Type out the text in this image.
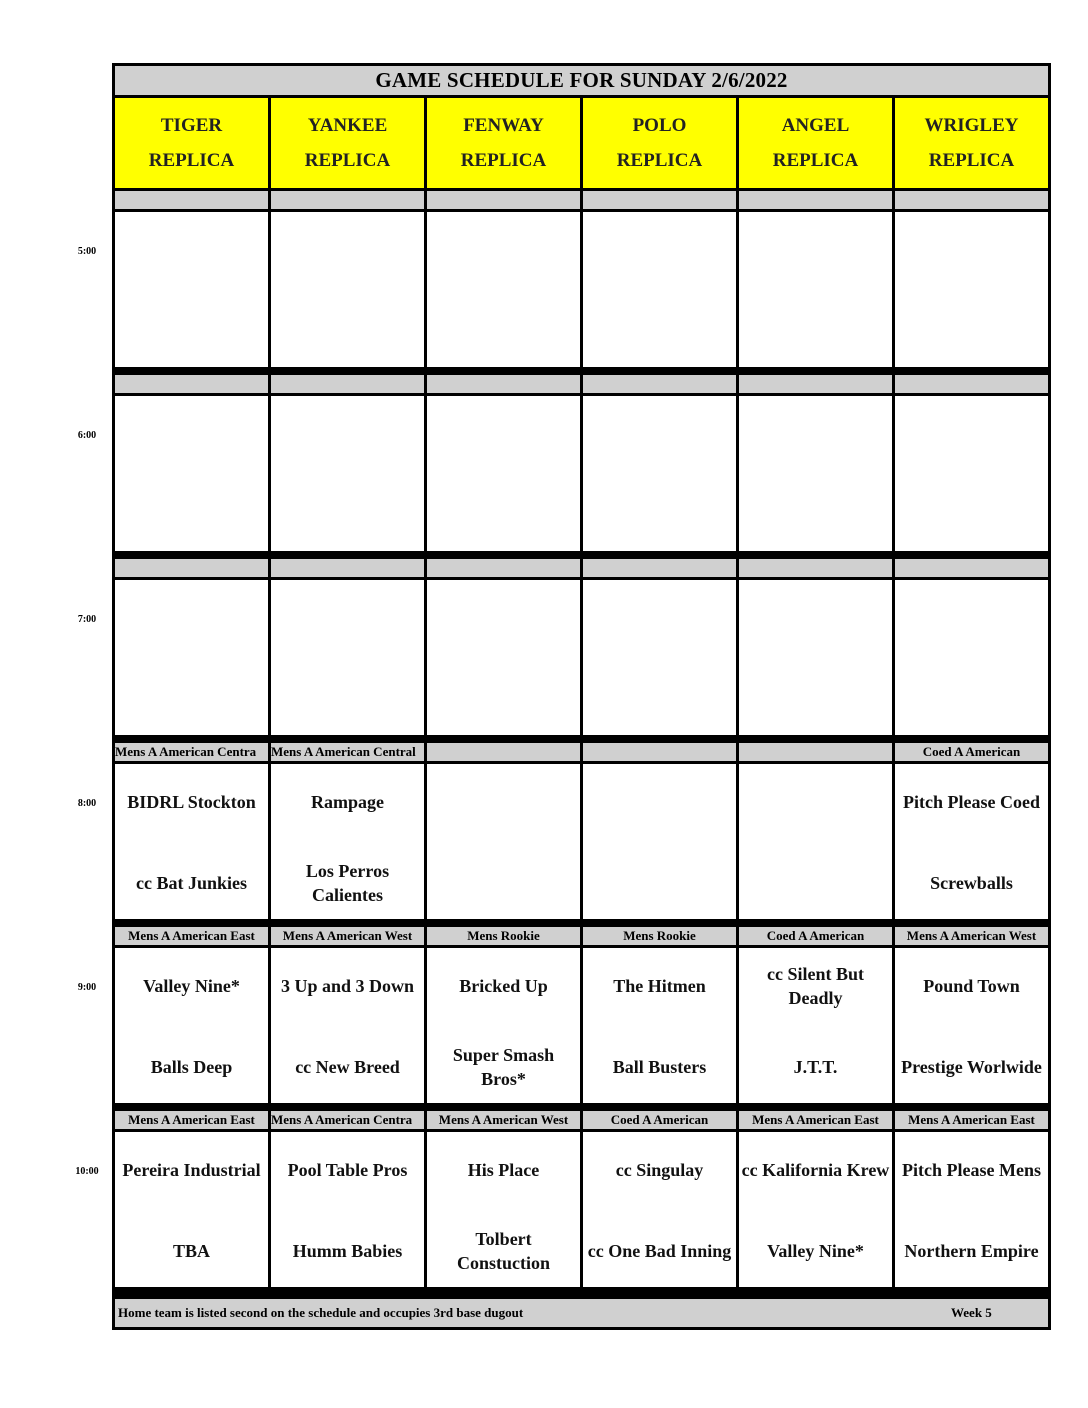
5:00
6:00
7:00
8:00
9:00
10:00
GAME SCHEDULE FOR SUNDAY 2/6/2022
TIGER
REPLICA
YANKEE
REPLICA
FENWAY
REPLICA
POLO
REPLICA
ANGEL
REPLICA
WRIGLEY
REPLICA
Mens A American Centra
BIDRL Stockton
cc Bat Junkies
Mens A American Central
Rampage
Los Perros Calientes
Coed A American
Pitch Please Coed
Screwballs
Mens A American East
Valley Nine*
Balls Deep
Mens A American West
3 Up and 3 Down
cc New Breed
Mens Rookie
Bricked Up
Super Smash Bros*
Mens Rookie
The Hitmen
Ball Busters
Coed A American
cc Silent But Deadly
J.T.T.
Mens A American West
Pound Town
Prestige Worlwide
Mens A American East
Pereira Industrial
TBA
Mens A American Centra
Pool Table Pros
Humm Babies
Mens A American West
His Place
Tolbert Constuction
Coed A American
cc Singulay
cc One Bad Inning
Mens A American East
cc Kalifornia Krew
Valley Nine*
Mens A American East
Pitch Please Mens
Northern Empire
Home team is listed second on the schedule and occupies 3rd base dugout	Week 5
